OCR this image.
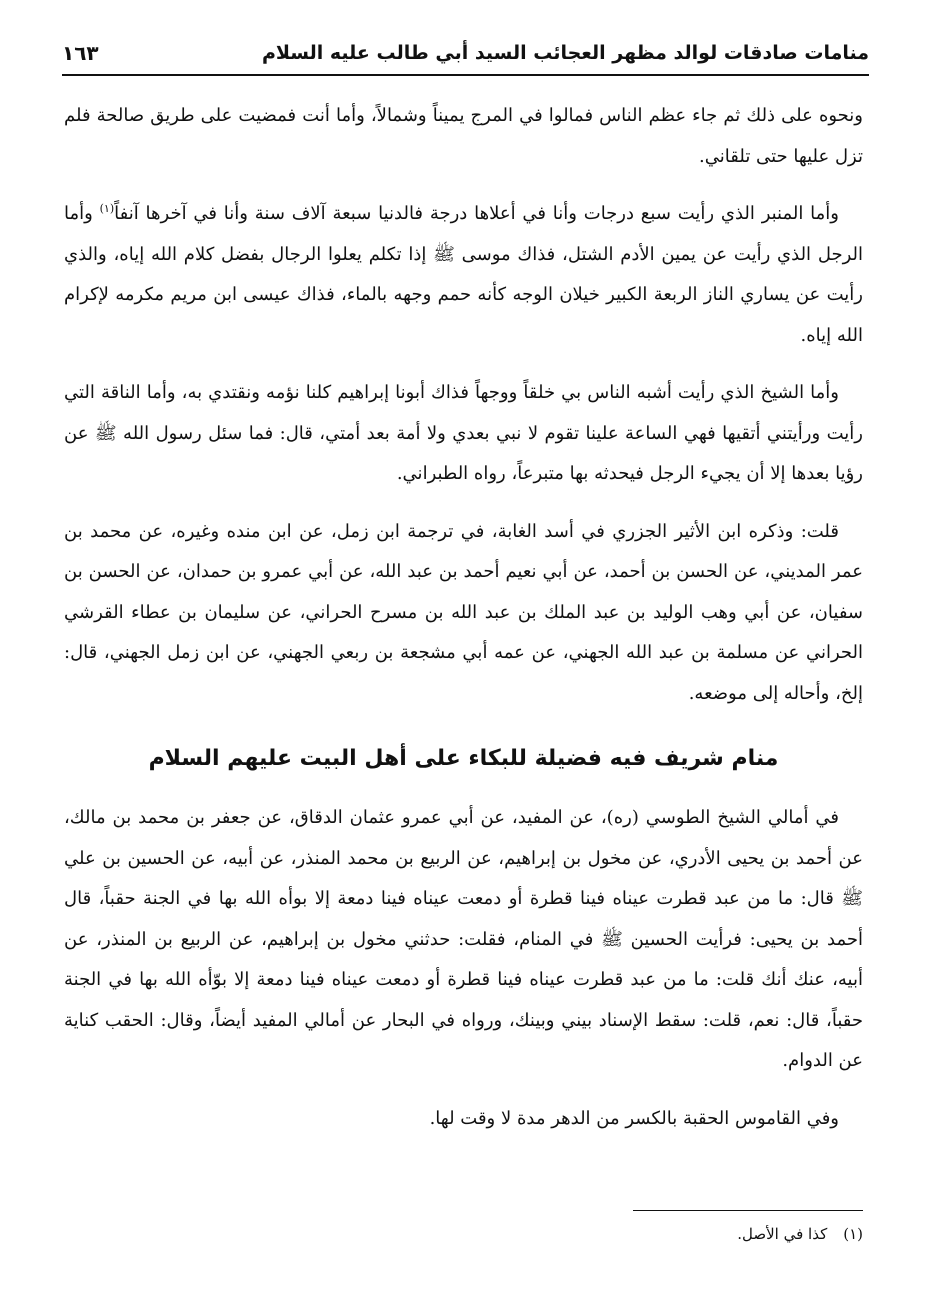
منامات صادقات لوالد مظهر العجائب السيد أبي طالب عليه السلام
١٦٣

ونحوه على ذلك ثم جاء عظم الناس فمالوا في المرج يميناً وشمالاً، وأما أنت فمضيت على طريق صالحة فلم تزل عليها حتى تلقاني.

وأما المنبر الذي رأيت سبع درجات وأنا في أعلاها درجة فالدنيا سبعة آلاف سنة وأنا في آخرها آنفاً$^{(١)}$ وأما الرجل الذي رأيت عن يمين الأدم الشتل، فذاك موسى ﷺ إذا تكلم يعلوا الرجال بفضل كلام الله إياه، والذي رأيت عن يساري الناز الربعة الكبير خيلان الوجه كأنه حمم وجهه بالماء، فذاك عيسى ابن مريم مكرمه لإكرام الله إياه.

وأما الشيخ الذي رأيت أشبه الناس بي خلقاً ووجهاً فذاك أبونا إبراهيم كلنا نؤمه ونقتدي به، وأما الناقة التي رأيت ورأيتني أتقيها فهي الساعة علينا تقوم لا نبي بعدي ولا أمة بعد أمتي، قال: فما سئل رسول الله ﷺ عن رؤيا بعدها إلا أن يجيء الرجل فيحدثه بها متبرعاً، رواه الطبراني.

قلت: وذكره ابن الأثير الجزري في أسد الغابة، في ترجمة ابن زمل، عن ابن منده وغيره، عن محمد بن عمر المديني، عن الحسن بن أحمد، عن أبي نعيم أحمد بن عبد الله، عن أبي عمرو بن حمدان، عن الحسن بن سفيان، عن أبي وهب الوليد بن عبد الملك بن عبد الله بن مسرح الحراني، عن سليمان بن عطاء القرشي الحراني عن مسلمة بن عبد الله الجهني، عن عمه أبي مشجعة بن ربعي الجهني، عن ابن زمل الجهني، قال: إلخ، وأحاله إلى موضعه.

منام شريف فيه فضيلة للبكاء على أهل البيت عليهم السلام

في أمالي الشيخ الطوسي (ره)، عن المفيد، عن أبي عمرو عثمان الدقاق، عن جعفر بن محمد بن مالك، عن أحمد بن يحيى الأدري، عن مخول بن إبراهيم، عن الربيع بن محمد المنذر، عن أبيه، عن الحسين بن علي ﷺ قال: ما من عبد قطرت عيناه فينا قطرة أو دمعت عيناه فينا دمعة إلا بوأه الله بها في الجنة حقباً، قال أحمد بن يحيى: فرأيت الحسين ﷺ في المنام، فقلت: حدثني مخول بن إبراهيم، عن الربيع بن المنذر، عن أبيه، عنك أنك قلت: ما من عبد قطرت عيناه فينا قطرة أو دمعت عيناه فينا دمعة إلا بوّأه الله بها في الجنة حقباً، قال: نعم، قلت: سقط الإسناد بيني وبينك، ورواه في البحار عن أمالي المفيد أيضاً، وقال: الحقب كناية عن الدوام.

وفي القاموس الحقبة بالكسر من الدهر مدة لا وقت لها.

(١)كذا في الأصل.
